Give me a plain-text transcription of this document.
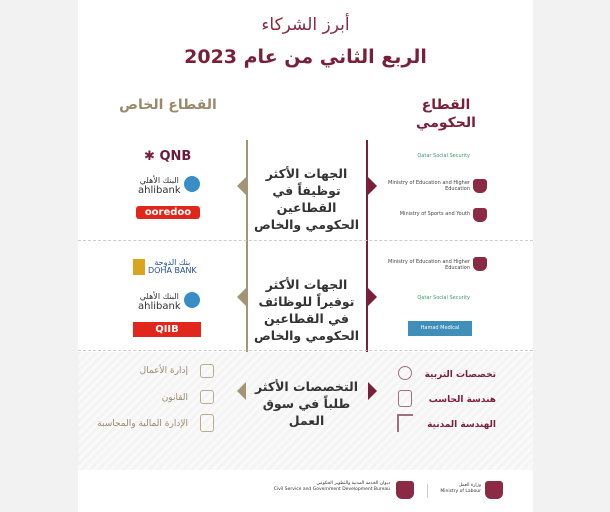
أبرز الشركاء
الربع الثاني من عام 2023
القطاع الحكومي
القطاع الخاص
الجهات الأكثر توظيفاً في القطاعين الحكومي والخاص
✱ QNB
البنك الأهلي
ahlibank
ooredoo
Qatar Social Security
Ministry of Education and Higher Education
Ministry of Sports and Youth
الجهات الأكثر توفيراً للوظائف في القطاعين الحكومي والخاص
بنك الدوحة
DOHA BANK
البنك الأهلي
ahlibank
QIIB
Ministry of Education and Higher Education
Qatar Social Security
Hamad Medical Corporation
التخصصات الأكثر طلباً في سوق العمل
إدارة الأعمال
القانون
الإدارة المالية والمحاسبة
تخصصات التربية
هندسة الحاسب
الهندسة المدنية
ديوان الخدمة المدنية والتطوير الحكومي
Civil Service and Government Development Bureau
وزارة العمل
Ministry of Labour
